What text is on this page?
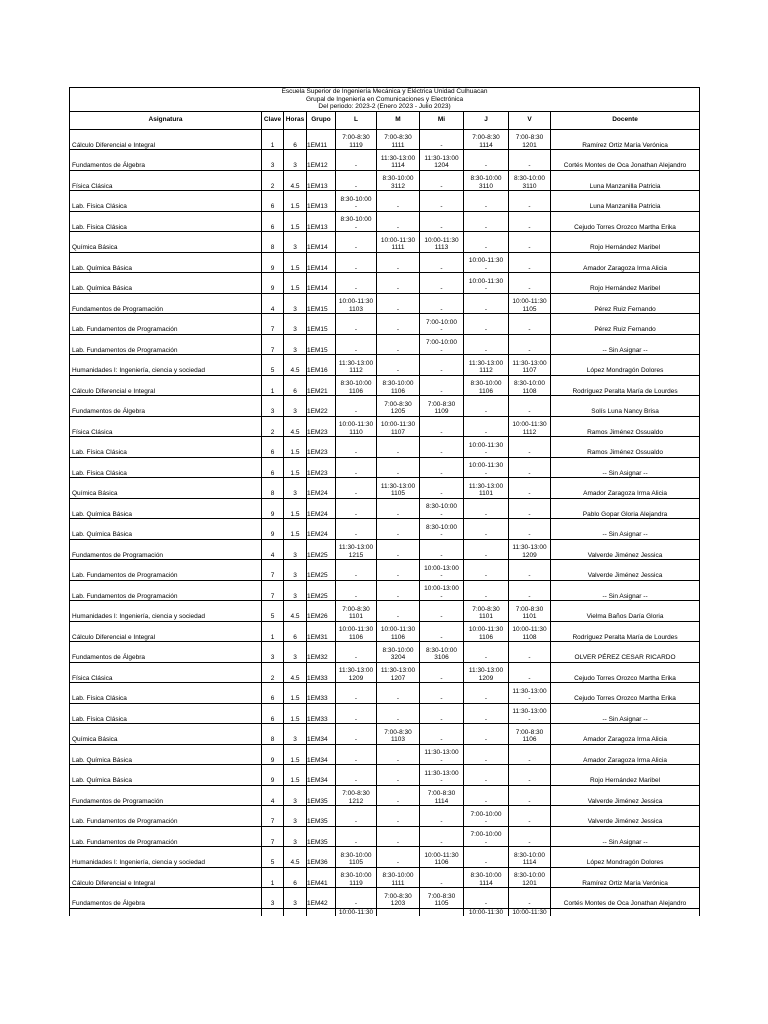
Escuela Superior de Ingeniería Mecánica y Eléctrica Unidad Culhuacan									
Grupal de Ingeniería en Comunicaciones y Electrónica									
Del periodo: 2023-2 (Enero 2023 - Julio 2023)									
Asignatura	Clave	Horas	Grupo	L	M	Mi	J	V	Docente
Cálculo Diferencial e Integral	1	6	1EM11	7:00-8:30
1119	7:00-8:30
1111	-	7:00-8:30
1114	7:00-8:30
1201	Ramírez Ortiz María Verónica
Fundamentos de Álgebra	3	3	1EM12	-	11:30-13:00
1114	11:30-13:00
1204	-	-	Cortés Montes de Oca Jonathan Alejandro
Física Clásica	2	4.5	1EM13	-	8:30-10:00
3112	-	8:30-10:00
3110	8:30-10:00
3110	Luna Manzanilla Patricia
Lab. Física Clásica	6	1.5	1EM13	8:30-10:00
-	-	-	-	-	Luna Manzanilla Patricia
Lab. Física Clásica	6	1.5	1EM13	8:30-10:00
-	-	-	-	-	Cejudo Torres Orozco Martha Erika
Química Básica	8	3	1EM14	-	10:00-11:30
1111	10:00-11:30
1113	-	-	Rojo Hernández Maribel
Lab. Química Básica	9	1.5	1EM14	-	-	-	10:00-11:30
-	-	Amador Zaragoza Irma Alicia
Lab. Química Básica	9	1.5	1EM14	-	-	-	10:00-11:30
-	-	Rojo Hernández Maribel
Fundamentos de Programación	4	3	1EM15	10:00-11:30
1103	-	-	-	10:00-11:30
1105	Pérez Ruiz Fernando
Lab. Fundamentos de Programación	7	3	1EM15	-	-	7:00-10:00
-	-	-	Pérez Ruiz Fernando
Lab. Fundamentos de Programación	7	3	1EM15	-	-	7:00-10:00
-	-	-	-- Sin Asignar --
Humanidades I: Ingeniería, ciencia y sociedad	5	4.5	1EM16	11:30-13:00
1112	-	-	11:30-13:00
1112	11:30-13:00
1107	López Mondragón Dolores
Cálculo Diferencial e Integral	1	6	1EM21	8:30-10:00
1106	8:30-10:00
1106	-	8:30-10:00
1106	8:30-10:00
1108	Rodríguez Peralta María de Lourdes
Fundamentos de Álgebra	3	3	1EM22	-	7:00-8:30
1205	7:00-8:30
1109	-	-	Solís Luna Nancy Brisa
Física Clásica	2	4.5	1EM23	10:00-11:30
1110	10:00-11:30
1107	-	-	10:00-11:30
1112	Ramos Jiménez Ossualdo
Lab. Física Clásica	6	1.5	1EM23	-	-	-	10:00-11:30
-	-	Ramos Jiménez Ossualdo
Lab. Física Clásica	6	1.5	1EM23	-	-	-	10:00-11:30
-	-	-- Sin Asignar --
Química Básica	8	3	1EM24	-	11:30-13:00
1105	-	11:30-13:00
1101	-	Amador Zaragoza Irma Alicia
Lab. Química Básica	9	1.5	1EM24	-	-	8:30-10:00
-	-	-	Pablo Gopar Gloria Alejandra
Lab. Química Básica	9	1.5	1EM24	-	-	8:30-10:00
-	-	-	-- Sin Asignar --
Fundamentos de Programación	4	3	1EM25	11:30-13:00
1215	-	-	-	11:30-13:00
1209	Valverde Jiménez Jessica
Lab. Fundamentos de Programación	7	3	1EM25	-	-	10:00-13:00
-	-	-	Valverde Jiménez Jessica
Lab. Fundamentos de Programación	7	3	1EM25	-	-	10:00-13:00
-	-	-	-- Sin Asignar --
Humanidades I: Ingeniería, ciencia y sociedad	5	4.5	1EM26	7:00-8:30
1101	-	-	7:00-8:30
1101	7:00-8:30
1101	Vielma Baños Daría Gloria
Cálculo Diferencial e Integral	1	6	1EM31	10:00-11:30
1106	10:00-11:30
1106	-	10:00-11:30
1106	10:00-11:30
1108	Rodríguez Peralta María de Lourdes
Fundamentos de Álgebra	3	3	1EM32	-	8:30-10:00
3204	8:30-10:00
3106	-	-	OLVER PÉREZ CESAR RICARDO
Física Clásica	2	4.5	1EM33	11:30-13:00
1209	11:30-13:00
1207	-	11:30-13:00
1209	-	Cejudo Torres Orozco Martha Erika
Lab. Física Clásica	6	1.5	1EM33	-	-	-	-	11:30-13:00
-	Cejudo Torres Orozco Martha Erika
Lab. Física Clásica	6	1.5	1EM33	-	-	-	-	11:30-13:00
-	-- Sin Asignar --
Química Básica	8	3	1EM34	-	7:00-8:30
1103	-	-	7:00-8:30
1106	Amador Zaragoza Irma Alicia
Lab. Química Básica	9	1.5	1EM34	-	-	11:30-13:00
-	-	-	Amador Zaragoza Irma Alicia
Lab. Química Básica	9	1.5	1EM34	-	-	11:30-13:00
-	-	-	Rojo Hernández Maribel
Fundamentos de Programación	4	3	1EM35	7:00-8:30
1212	-	7:00-8:30
1114	-	-	Valverde Jiménez Jessica
Lab. Fundamentos de Programación	7	3	1EM35	-	-	-	7:00-10:00
-	-	Valverde Jiménez Jessica
Lab. Fundamentos de Programación	7	3	1EM35	-	-	-	7:00-10:00
-	-	-- Sin Asignar --
Humanidades I: Ingeniería, ciencia y sociedad	5	4.5	1EM36	8:30-10:00
1105	-	10:00-11:30
1106	-	8:30-10:00
1114	López Mondragón Dolores
Cálculo Diferencial e Integral	1	6	1EM41	8:30-10:00
1119	8:30-10:00
1111	-	8:30-10:00
1114	8:30-10:00
1201	Ramírez Ortiz María Verónica
Fundamentos de Álgebra	3	3	1EM42	-	7:00-8:30
1203	7:00-8:30
1105	-	-	Cortés Montes de Oca Jonathan Alejandro
				10:00-11:30			10:00-11:30	10:00-11:30	
